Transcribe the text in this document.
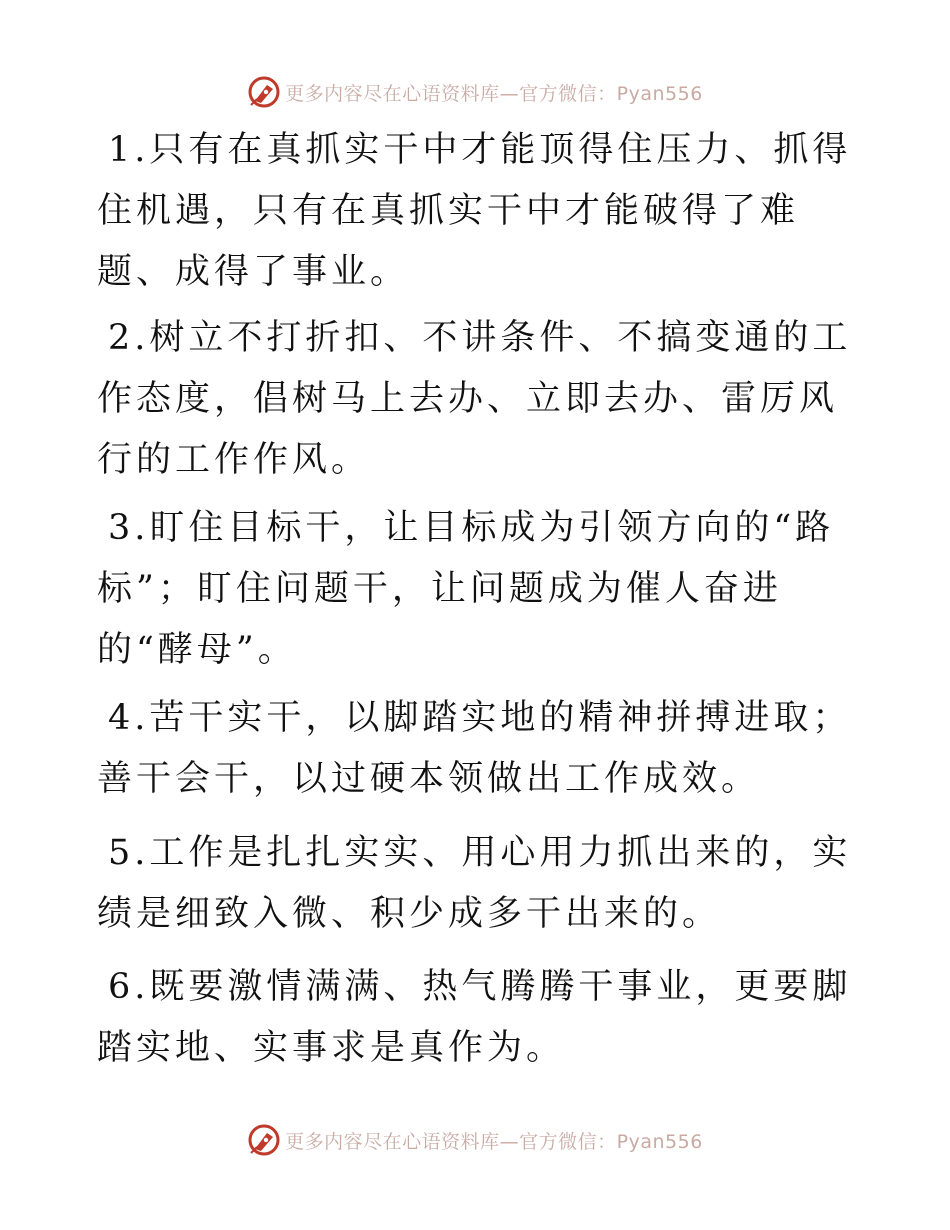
更多内容尽在心语资料库—官方微信：Pyan556

1.只有在真抓实干中才能顶得住压力、抓得住机遇，只有在真抓实干中才能破得了难题、成得了事业。

2.树立不打折扣、不讲条件、不搞变通的工作态度，倡树马上去办、立即去办、雷厉风行的工作作风。

3.盯住目标干，让目标成为引领方向的“路标”；盯住问题干，让问题成为催人奋进的“酵母”。

4.苦干实干，以脚踏实地的精神拼搏进取；善干会干，以过硬本领做出工作成效。

5.工作是扎扎实实、用心用力抓出来的，实绩是细致入微、积少成多干出来的。

6.既要激情满满、热气腾腾干事业，更要脚踏实地、实事求是真作为。

更多内容尽在心语资料库—官方微信：Pyan556
